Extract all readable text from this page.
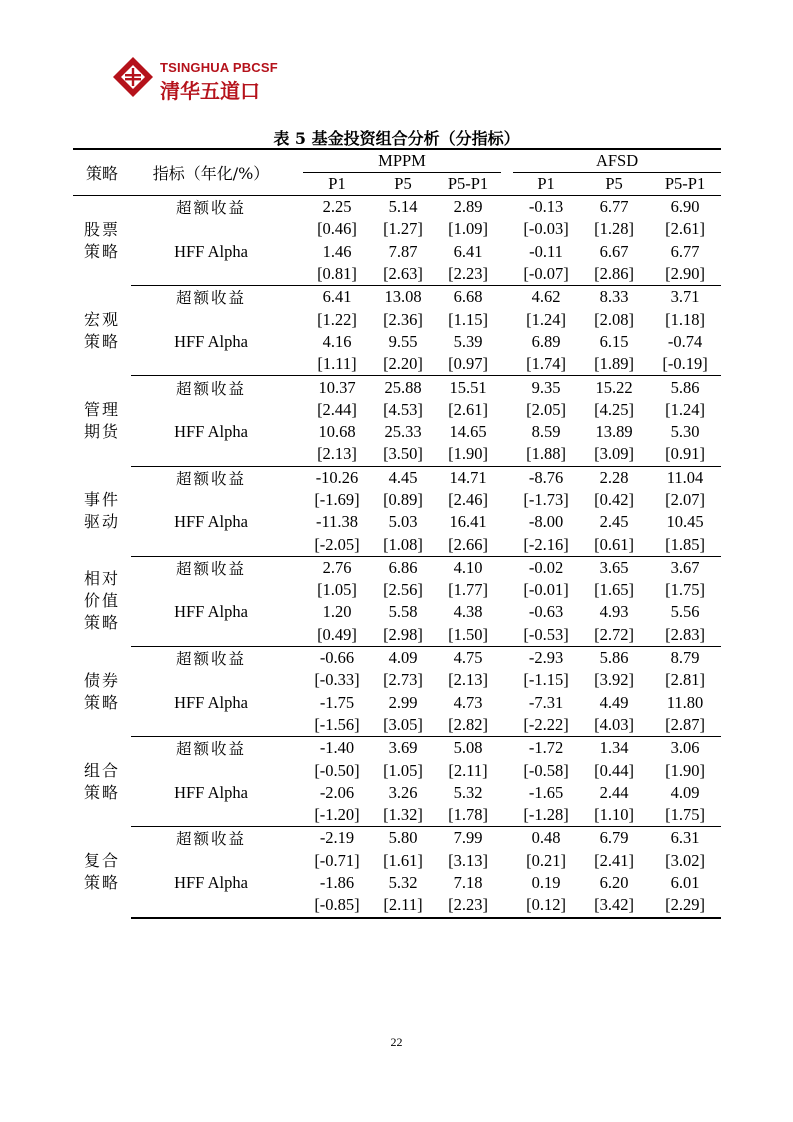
TSINGHUA PBCSF
清华五道口
表 5 基金投资组合分析（分指标）
策略	指标（年化/%）		MPPM				AFSD		
			P1	P5	P5-P1		P1	P5	P5-P1

股票
策略	超额收益		2.25	5.14	2.89		-0.13	6.77	6.90
			[0.46]	[1.27]	[1.09]		[-0.03]	[1.28]	[2.61]
	HFF Alpha		1.46	7.87	6.41		-0.11	6.67	6.77
			[0.81]	[2.63]	[2.23]		[-0.07]	[2.86]	[2.90]

宏观
策略	超额收益		6.41	13.08	6.68		4.62	8.33	3.71
			[1.22]	[2.36]	[1.15]		[1.24]	[2.08]	[1.18]
	HFF Alpha		4.16	9.55	5.39		6.89	6.15	-0.74
			[1.11]	[2.20]	[0.97]		[1.74]	[1.89]	[-0.19]

管理
期货	超额收益		10.37	25.88	15.51		9.35	15.22	5.86
			[2.44]	[4.53]	[2.61]		[2.05]	[4.25]	[1.24]
	HFF Alpha		10.68	25.33	14.65		8.59	13.89	5.30
			[2.13]	[3.50]	[1.90]		[1.88]	[3.09]	[0.91]

事件
驱动	超额收益		-10.26	4.45	14.71		-8.76	2.28	11.04
			[-1.69]	[0.89]	[2.46]		[-1.73]	[0.42]	[2.07]
	HFF Alpha		-11.38	5.03	16.41		-8.00	2.45	10.45
			[-2.05]	[1.08]	[2.66]		[-2.16]	[0.61]	[1.85]

相对
价值
策略	超额收益		2.76	6.86	4.10		-0.02	3.65	3.67
			[1.05]	[2.56]	[1.77]		[-0.01]	[1.65]	[1.75]
	HFF Alpha		1.20	5.58	4.38		-0.63	4.93	5.56
			[0.49]	[2.98]	[1.50]		[-0.53]	[2.72]	[2.83]

债券
策略	超额收益		-0.66	4.09	4.75		-2.93	5.86	8.79
			[-0.33]	[2.73]	[2.13]		[-1.15]	[3.92]	[2.81]
	HFF Alpha		-1.75	2.99	4.73		-7.31	4.49	11.80
			[-1.56]	[3.05]	[2.82]		[-2.22]	[4.03]	[2.87]

组合
策略	超额收益		-1.40	3.69	5.08		-1.72	1.34	3.06
			[-0.50]	[1.05]	[2.11]		[-0.58]	[0.44]	[1.90]
	HFF Alpha		-2.06	3.26	5.32		-1.65	2.44	4.09
			[-1.20]	[1.32]	[1.78]		[-1.28]	[1.10]	[1.75]

复合
策略	超额收益		-2.19	5.80	7.99		0.48	6.79	6.31
			[-0.71]	[1.61]	[3.13]		[0.21]	[2.41]	[3.02]
	HFF Alpha		-1.86	5.32	7.18		0.19	6.20	6.01
			[-0.85]	[2.11]	[2.23]		[0.12]	[3.42]	[2.29]
22
